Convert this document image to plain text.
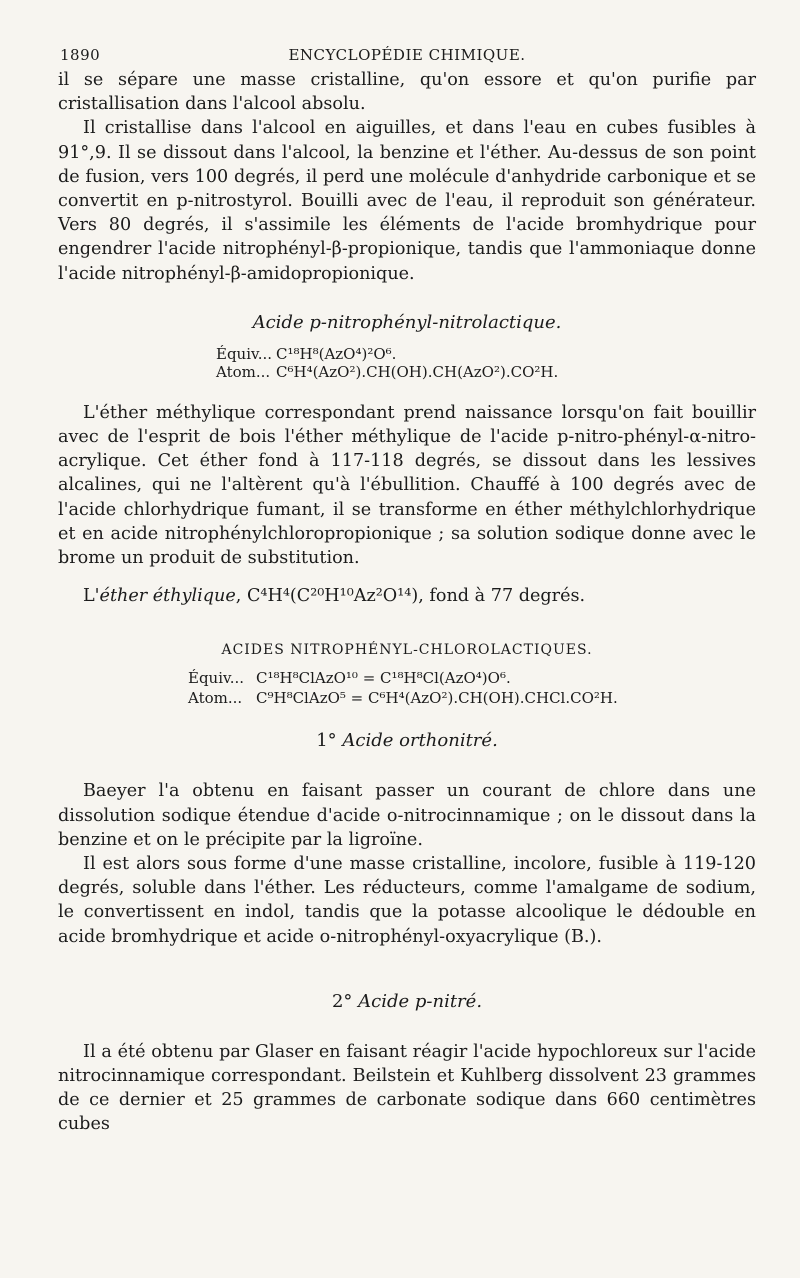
1890	ENCYCLOPÉDIE CHIMIQUE.

il se sépare une masse cristalline, qu'on essore et qu'on purifie par cristallisation dans l'alcool absolu.

Il cristallise dans l'alcool en aiguilles, et dans l'eau en cubes fusibles à 91°,9. Il se dissout dans l'alcool, la benzine et l'éther. Au-dessus de son point de fusion, vers 100 degrés, il perd une molécule d'anhydride carbonique et se convertit en p-nitrostyrol. Bouilli avec de l'eau, il reproduit son générateur. Vers 80 degrés, il s'assimile les éléments de l'acide bromhydrique pour engendrer l'acide nitrophényl-β-propionique, tandis que l'ammoniaque donne l'acide nitrophényl-β-amidopropionique.

Acide p-nitrophényl-nitrolactique.
Équiv... C¹⁸H⁸(AzO⁴)²O⁶.
Atom... C⁶H⁴(AzO²).CH(OH).CH(AzO²).CO²H.

L'éther méthylique correspondant prend naissance lorsqu'on fait bouillir avec de l'esprit de bois l'éther méthylique de l'acide p-nitro-phényl-α-nitro-acrylique. Cet éther fond à 117-118 degrés, se dissout dans les lessives alcalines, qui ne l'altèrent qu'à l'ébullition. Chauffé à 100 degrés avec de l'acide chlorhydrique fumant, il se transforme en éther méthylchlorhydrique et en acide nitrophénylchloropropionique ; sa solution sodique donne avec le brome un produit de substitution.

L'éther éthylique, C⁴H⁴(C²⁰H¹⁰Az²O¹⁴), fond à 77 degrés.

ACIDES NITROPHÉNYL-CHLOROLACTIQUES.
Équiv... C¹⁸H⁸ClAzO¹⁰ = C¹⁸H⁸Cl(AzO⁴)O⁶.
Atom... C⁹H⁸ClAzO⁵ = C⁶H⁴(AzO²).CH(OH).CHCl.CO²H.
1° Acide orthonitré.

Baeyer l'a obtenu en faisant passer un courant de chlore dans une dissolution sodique étendue d'acide o-nitrocinnamique ; on le dissout dans la benzine et on le précipite par la ligroïne.

Il est alors sous forme d'une masse cristalline, incolore, fusible à 119-120 degrés, soluble dans l'éther. Les réducteurs, comme l'amalgame de sodium, le convertissent en indol, tandis que la potasse alcoolique le dédouble en acide bromhydrique et acide o-nitrophényl-oxyacrylique (B.).

2° Acide p-nitré.

Il a été obtenu par Glaser en faisant réagir l'acide hypochloreux sur l'acide nitrocinnamique correspondant. Beilstein et Kuhlberg dissolvent 23 grammes de ce dernier et 25 grammes de carbonate sodique dans 660 centimètres cubes
